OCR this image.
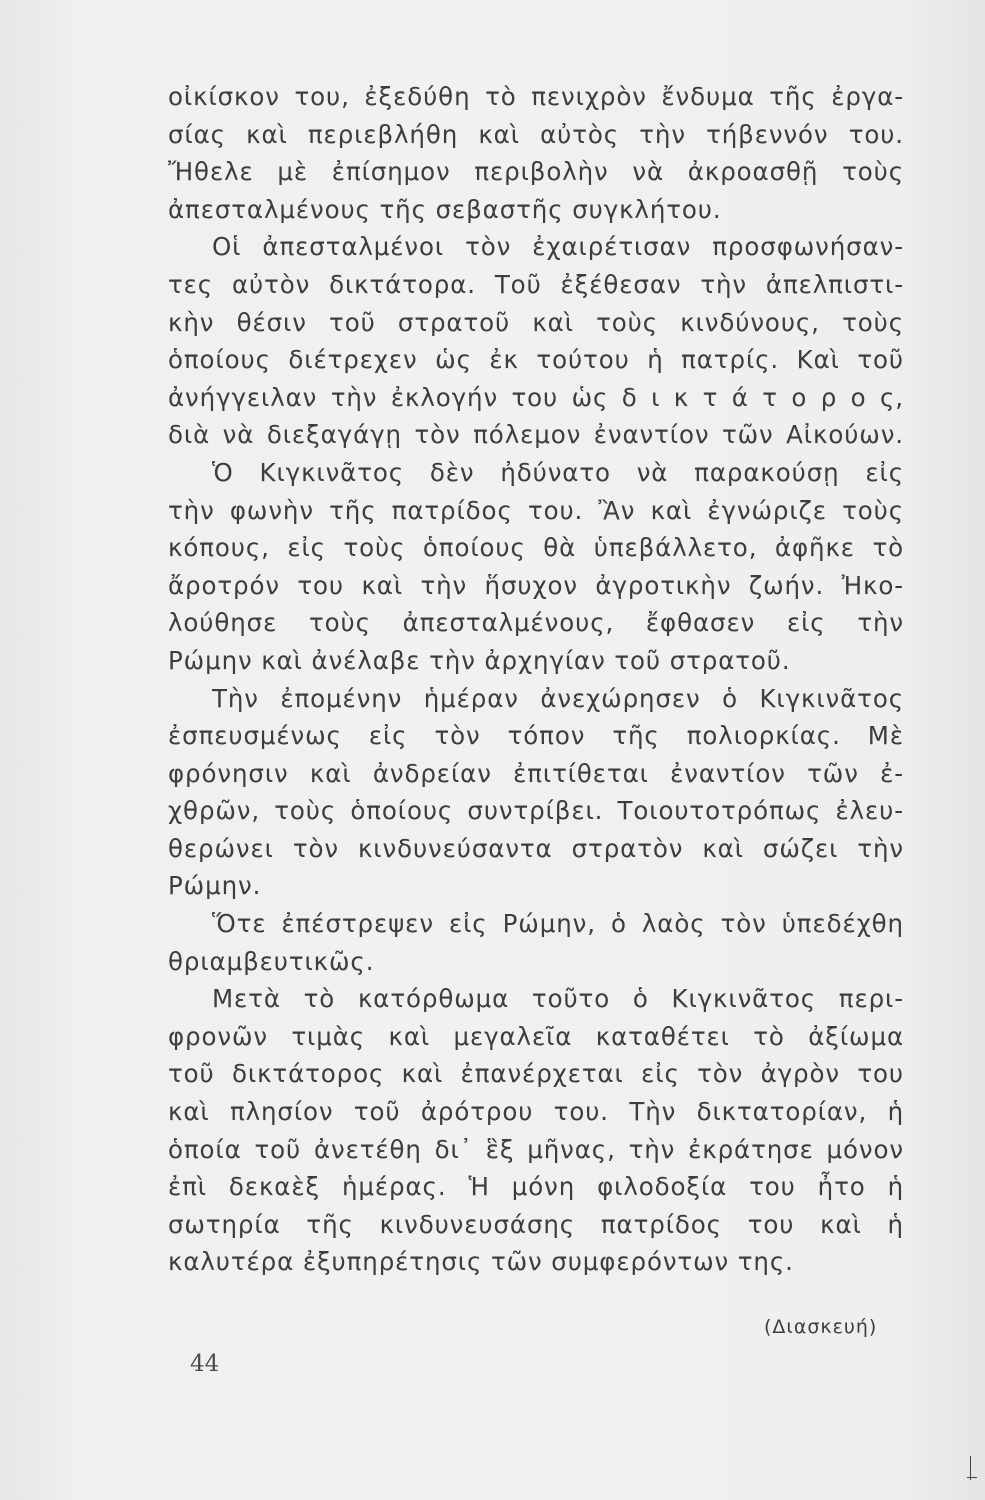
οἰκίσκον του, ἐξεδύθη τὸ πενιχρὸν ἔνδυμα τῆς ἐργα-
σίας καὶ περιεβλήθη καὶ αὐτὸς τὴν τήβεννόν του.
Ἤθελε μὲ ἐπίσημον περιβολὴν νὰ ἀκροασθῇ τοὺς
ἀπεσταλμένους τῆς σεβαστῆς συγκλήτου.
Οἱ ἀπεσταλμένοι τὸν ἐχαιρέτισαν προσφωνήσαν-
τες αὐτὸν δικτάτορα. Τοῦ ἐξέθεσαν τὴν ἀπελπιστι-
κὴν θέσιν τοῦ στρατοῦ καὶ τοὺς κινδύνους, τοὺς
ὁποίους διέτρεχεν ὡς ἐκ τούτου ἡ πατρίς. Καὶ τοῦ
ἀνήγγειλαν τὴν ἐκλογήν του ὡς δ ι κ τ ά τ ο ρ ο ς,
διὰ νὰ διεξαγάγῃ τὸν πόλεμον ἐναντίον τῶν Αἰκούων.
Ὁ Κιγκινᾶτος δὲν ἠδύνατο νὰ παρακούσῃ εἰς
τὴν φωνὴν τῆς πατρίδος του. Ἂν καὶ ἐγνώριζε τοὺς
κόπους, εἰς τοὺς ὁποίους θὰ ὑπεβάλλετο, ἀφῆκε τὸ
ἄροτρόν του καὶ τὴν ἥσυχον ἀγροτικὴν ζωήν. Ἠκο-
λούθησε τοὺς ἀπεσταλμένους, ἔφθασεν εἰς τὴν
Ρώμην καὶ ἀνέλαβε τὴν ἀρχηγίαν τοῦ στρατοῦ.
Τὴν ἐπομένην ἡμέραν ἀνεχώρησεν ὁ Κιγκινᾶτος
ἐσπευσμένως εἰς τὸν τόπον τῆς πολιορκίας. Μὲ
φρόνησιν καὶ ἀνδρείαν ἐπιτίθεται ἐναντίον τῶν ἐ-
χθρῶν, τοὺς ὁποίους συντρίβει. Τοιουτοτρόπως ἐλευ-
θερώνει τὸν κινδυνεύσαντα στρατὸν καὶ σώζει τὴν
Ρώμην.
Ὅτε ἐπέστρεψεν εἰς Ρώμην, ὁ λαὸς τὸν ὑπεδέχθη
θριαμβευτικῶς.
Μετὰ τὸ κατόρθωμα τοῦτο ὁ Κιγκινᾶτος περι-
φρονῶν τιμὰς καὶ μεγαλεῖα καταθέτει τὸ ἀξίωμα
τοῦ δικτάτορος καὶ ἐπανέρχεται εἰς τὸν ἀγρὸν του
καὶ πλησίον τοῦ ἀρότρου του. Τὴν δικτατορίαν, ἡ
ὁποία τοῦ ἀνετέθη δι᾽ ἓξ μῆνας, τὴν ἐκράτησε μόνον
ἐπὶ δεκαὲξ ἡμέρας. Ἡ μόνη φιλοδοξία του ἦτο ἡ
σωτηρία τῆς κινδυνευσάσης πατρίδος του καὶ ἡ
καλυτέρα ἐξυπηρέτησις τῶν συμφερόντων της.
(Διασκευή)
44
